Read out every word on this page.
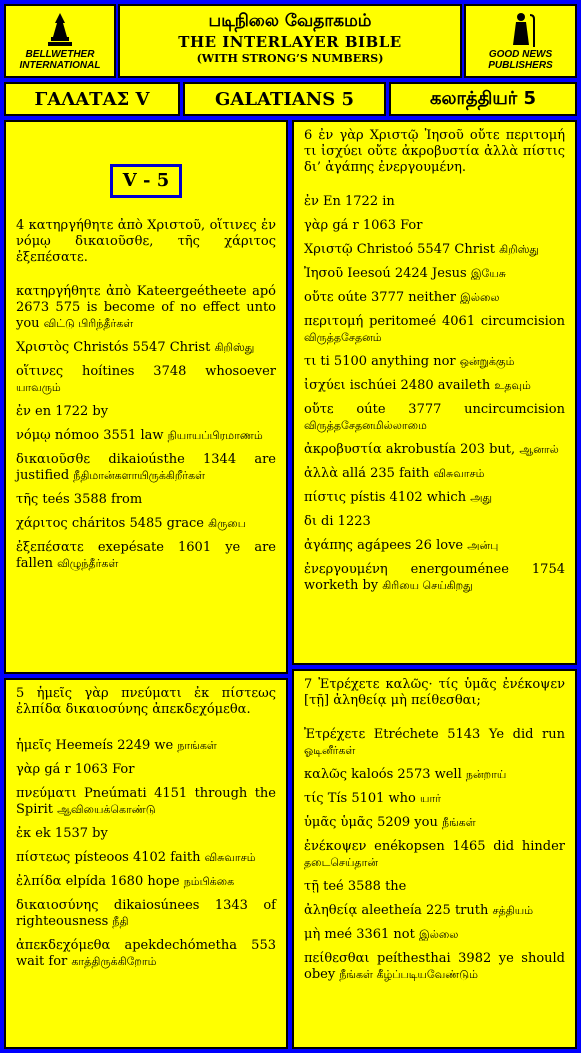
BELLWETHER
INTERNATIONAL
படிநிலை வேதாகமம்
THE INTERLAYER BIBLE
(WITH STRONG’S NUMBERS)	GOOD NEWS
PUBLISHERS
ΓΑΛΑΤΑΣ V	GALATIANS 5	கலாத்தியர் 5
V - 5
4 κατηργήθητε ἀπὸ Χριστοῦ, οἵτινες ἐν νόμῳ δικαιοῦσθε, τῆς χάριτος ἐξεπέσατε.
κατηργήθητε ἀπὸ Kateergeétheete apó 2673 575 is become of no effect unto you விட்டு பிரிந்தீர்கள்
Χριστὸς Christós 5547 Christ கிறிஸ்து
οἵτινες hoítines 3748 whosoever யாவரும்
ἐν en 1722 by
νόμῳ nómoo 3551 law நியாயப்பிரமாணம்
δικαιοῦσθε dikaioústhe 1344 are justified நீதிமான்களாயிருக்கிறீர்கள்
τῆς teés 3588 from
χάριτος cháritos 5485 grace கிருபை
ἐξεπέσατε exepésate 1601 ye are fallen விழுந்தீர்கள்
5 ἡμεῖς γὰρ πνεύματι ἐκ πίστεως ἐλπίδα δικαιοσύνης ἀπεκδεχόμεθα.
ἡμεῖς Heemeís 2249 we நாங்கள்
γὰρ gá r 1063 For
πνεύματι Pneúmati 4151 through the Spirit ஆவியைக்கொண்டு
ἐκ ek 1537 by
πίστεως písteoos 4102 faith விசுவாசம்
ἐλπίδα elpída 1680 hope நம்பிக்கை
δικαιοσύνης dikaiosúnees 1343 of righteousness நீதி
ἀπεκδεχόμεθα apekdechómetha 553 wait for காத்திருக்கிறோம்
6 ἐν γὰρ Χριστῷ Ἰησοῦ οὔτε περιτομή τι ἰσχύει οὔτε ἀκροβυστία ἀλλὰ πίστις δι’ ἀγάπης ἐνεργουμένη.
ἐν En 1722 in
γὰρ gá r 1063 For
Χριστῷ Christoó 5547 Christ கிறிஸ்து
Ἰησοῦ Ieesoú 2424 Jesus இயேசு
οὔτε oúte 3777 neither இல்லை
περιτομή peritomeé 4061 circumcision விருத்தசேதனம்
τι ti 5100 anything nor ஒன்றுக்கும்
ἰσχύει ischúei 2480 availeth உதவும்
οὔτε oúte 3777 uncircumcision விருத்தசேதனமில்லாமை
ἀκροβυστία akrobustía 203 but, ஆனால்
ἀλλὰ allá 235 faith விசுவாசம்
πίστις pístis 4102 which அது
δι di 1223
ἀγάπης agápees 26 love அன்பு
ἐνεργουμένη energouménee 1754 worketh by கிரியை செய்கிறது
7 Ἐτρέχετε καλῶς· τίς ὑμᾶς ἐνέκοψεν [τῇ] ἀληθείᾳ μὴ πείθεσθαι;
Ἐτρέχετε Etréchete 5143 Ye did run ஓடினீர்கள்
καλῶς kaloós 2573 well நன்றாய்
τίς Tís 5101 who யார்
ὑμᾶς ὑμᾶς 5209 you நீங்கள்
ἐνέκοψεν enékopsen 1465 did hinder தடைசெய்தான்
τῇ teé 3588 the
ἀληθείᾳ aleetheía 225 truth சத்தியம்
μὴ meé 3361 not இல்லை
πείθεσθαι peíthesthai 3982 ye should obey நீங்கள் கீழ்ப்படியவேண்டும்
